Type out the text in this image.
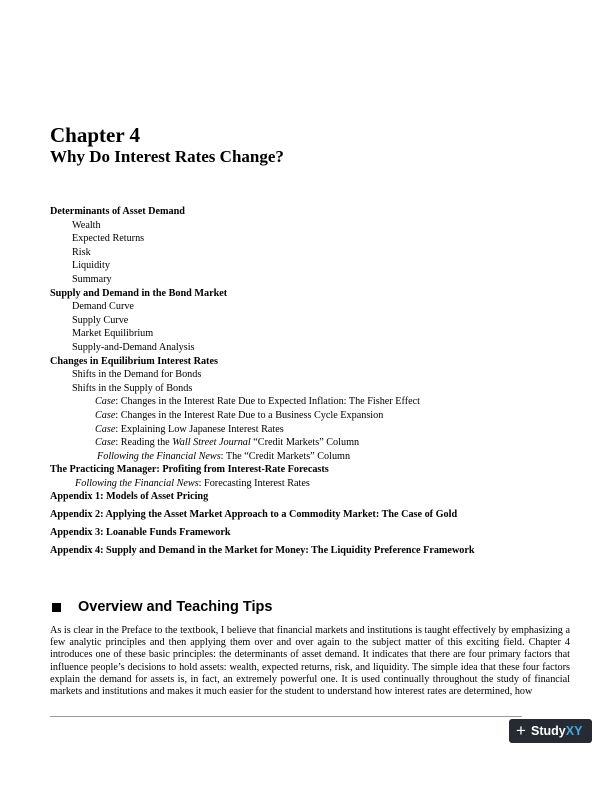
Chapter 4
Why Do Interest Rates Change?
Determinants of Asset Demand
Wealth
Expected Returns
Risk
Liquidity
Summary
Supply and Demand in the Bond Market
Demand Curve
Supply Curve
Market Equilibrium
Supply-and-Demand Analysis
Changes in Equilibrium Interest Rates
Shifts in the Demand for Bonds
Shifts in the Supply of Bonds
Case: Changes in the Interest Rate Due to Expected Inflation: The Fisher Effect
Case: Changes in the Interest Rate Due to a Business Cycle Expansion
Case: Explaining Low Japanese Interest Rates
Case: Reading the Wall Street Journal “Credit Markets” Column
Following the Financial News: The “Credit Markets” Column
The Practicing Manager: Profiting from Interest-Rate Forecasts
Following the Financial News: Forecasting Interest Rates
Appendix 1: Models of Asset Pricing
Appendix 2: Applying the Asset Market Approach to a Commodity Market: The Case of Gold
Appendix 3: Loanable Funds Framework
Appendix 4: Supply and Demand in the Market for Money: The Liquidity Preference Framework
Overview and Teaching Tips
As is clear in the Preface to the textbook, I believe that financial markets and institutions is taught effectively by emphasizing a few analytic principles and then applying them over and over again to the subject matter of this exciting field. Chapter 4 introduces one of these basic principles: the determinants of asset demand. It indicates that there are four primary factors that influence people’s decisions to hold assets: wealth, expected returns, risk, and liquidity. The simple idea that these four factors explain the demand for assets is, in fact, an extremely powerful one. It is used continually throughout the study of financial markets and institutions and makes it much easier for the student to understand how interest rates are determined, how
+ Study XY
